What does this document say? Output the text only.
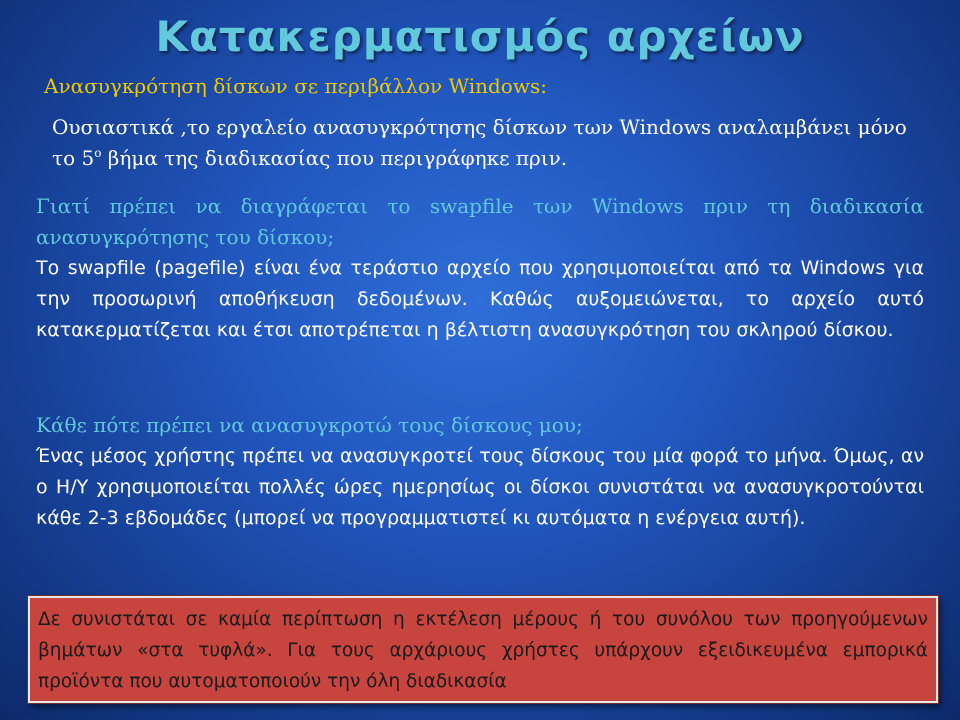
Κατακερματισμός αρχείων

Ανασυγκρότηση δίσκων σε περιβάλλον Windows:

Ουσιαστικά ,το εργαλείο ανασυγκρότησης δίσκων των Windows αναλαμβάνει μόνο το $5^o$ βήμα της διαδικασίας που περιγράφηκε πριν.

Γιατί πρέπει να διαγράφεται το swapfile των Windows πριν τη διαδικασία ανασυγκρότησης του δίσκου;
Το swapfile (pagefile) είναι ένα τεράστιο αρχείο που χρησιμοποιείται από τα Windows για την προσωρινή αποθήκευση δεδομένων. Καθώς αυξομειώνεται, το αρχείο αυτό κατακερματίζεται και έτσι αποτρέπεται η βέλτιστη ανασυγκρότηση του σκληρού δίσκου.
Κάθε πότε πρέπει να ανασυγκροτώ τους δίσκους μου;
Ένας μέσος χρήστης πρέπει να ανασυγκροτεί τους δίσκους του μία φορά το μήνα. Όμως, αν ο Η/Υ χρησιμοποιείται πολλές ώρες ημερησίως οι δίσκοι συνιστάται να ανασυγκροτούνται κάθε 2-3 εβδομάδες (μπορεί να προγραμματιστεί κι αυτόματα η ενέργεια αυτή).
Δε συνιστάται σε καμία περίπτωση η εκτέλεση μέρους ή του συνόλου των προηγούμενων βημάτων «στα τυφλά». Για τους αρχάριους χρήστες υπάρχουν εξειδικευμένα εμπορικά προϊόντα που αυτοματοποιούν την όλη διαδικασία
